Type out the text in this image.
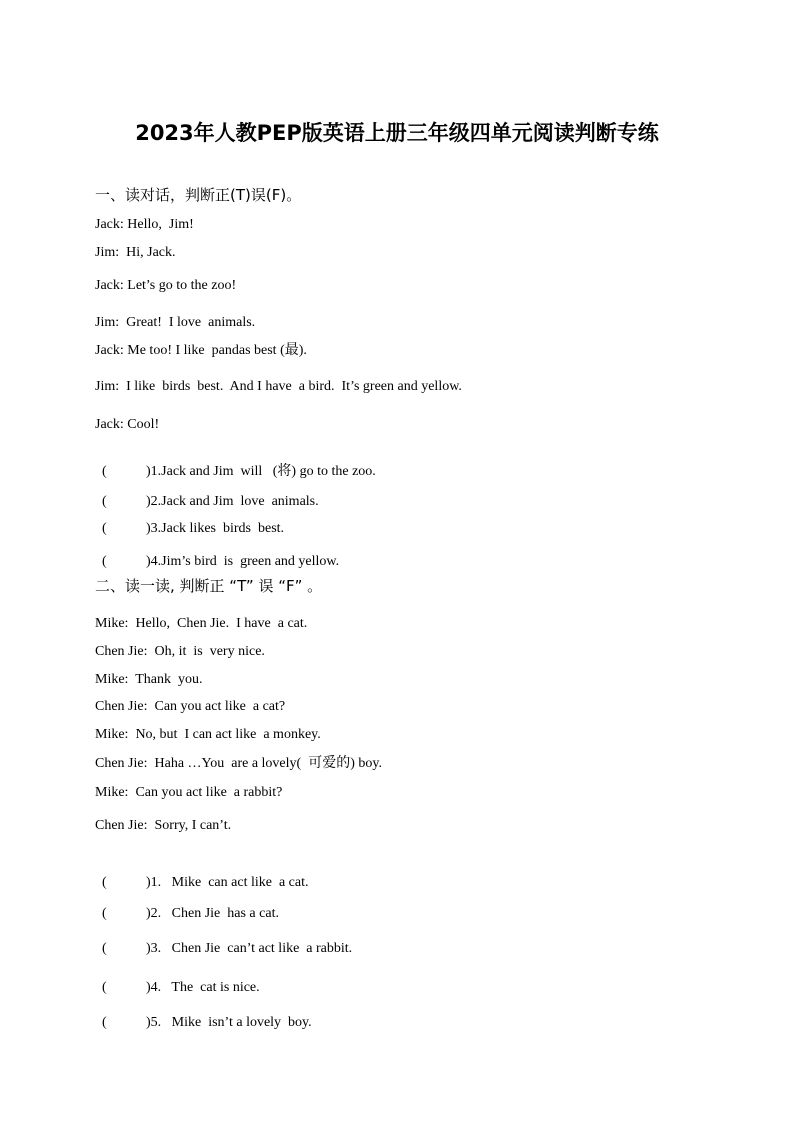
2023年人教PEP版英语上册三年级四单元阅读判断专练
一、读对话，判断正(T)误(F)。
Jack: Hello,  Jim!
Jim:  Hi, Jack.
Jack: Let’s go to the zoo!
Jim:  Great!  I love  animals.
Jack: Me too! I like  pandas best (最).
Jim:  I like  birds  best.  And I have  a bird.  It’s green and yellow.
Jack: Cool!

(	)1.Jack and Jim  will   (将) go to the zoo.

(	)2.Jack and Jim  love  animals.

(	)3.Jack likes  birds  best.

(	)4.Jim’s bird  is  green and yellow.

二、读一读, 判断正 “T” 误 “F” 。
Mike:  Hello,  Chen Jie.  I have  a cat.
Chen Jie:  Oh, it  is  very nice.
Mike:  Thank  you.
Chen Jie:  Can you act like  a cat?
Mike:  No, but  I can act like  a monkey.
Chen Jie:  Haha …You  are a lovely(  可爱的) boy.
Mike:  Can you act like  a rabbit?
Chen Jie:  Sorry, I can’t.

(	)1.   Mike  can act like  a cat.

(	)2.   Chen Jie  has a cat.

(	)3.   Chen Jie  can’t act like  a rabbit.

(	)4.   The  cat is nice.

(	)5.   Mike  isn’t a lovely  boy.
